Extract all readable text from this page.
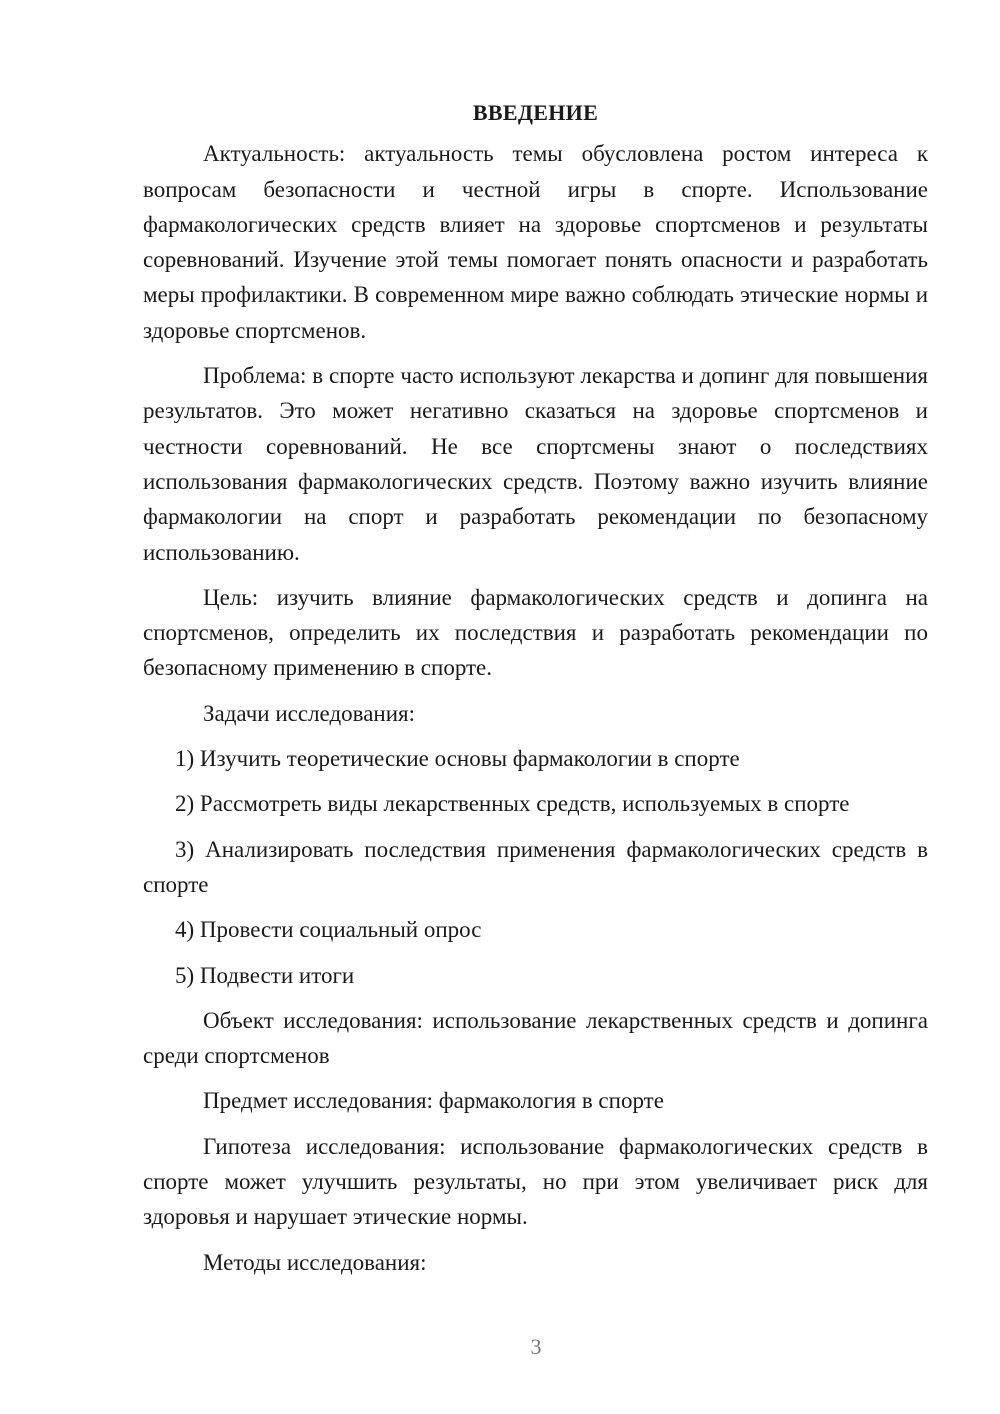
ВВЕДЕНИЕ

Актуальность: актуальность темы обусловлена ростом интереса к вопросам безопасности и честной игры в спорте. Использование фармакологических средств влияет на здоровье спортсменов и результаты соревнований. Изучение этой темы помогает понять опасности и разработать меры профилактики. В современном мире важно соблюдать этические нормы и здоровье спортсменов.

Проблема: в спорте часто используют лекарства и допинг для повышения результатов. Это может негативно сказаться на здоровье спортсменов и честности соревнований. Не все спортсмены знают о последствиях использования фармакологических средств. Поэтому важно изучить влияние фармакологии на спорт и разработать рекомендации по безопасному использованию.

Цель: изучить влияние фармакологических средств и допинга на спортсменов, определить их последствия и разработать рекомендации по безопасному применению в спорте.

Задачи исследования:

1) Изучить теоретические основы фармакологии в спорте

2) Рассмотреть виды лекарственных средств, используемых в спорте

3) Анализировать последствия применения фармакологических средств в спорте

4) Провести социальный опрос

5) Подвести итоги

Объект исследования: использование лекарственных средств и допинга среди спортсменов

Предмет исследования: фармакология в спорте

Гипотеза исследования: использование фармакологических средств в спорте может улучшить результаты, но при этом увеличивает риск для здоровья и нарушает этические нормы.

Методы исследования:

3
